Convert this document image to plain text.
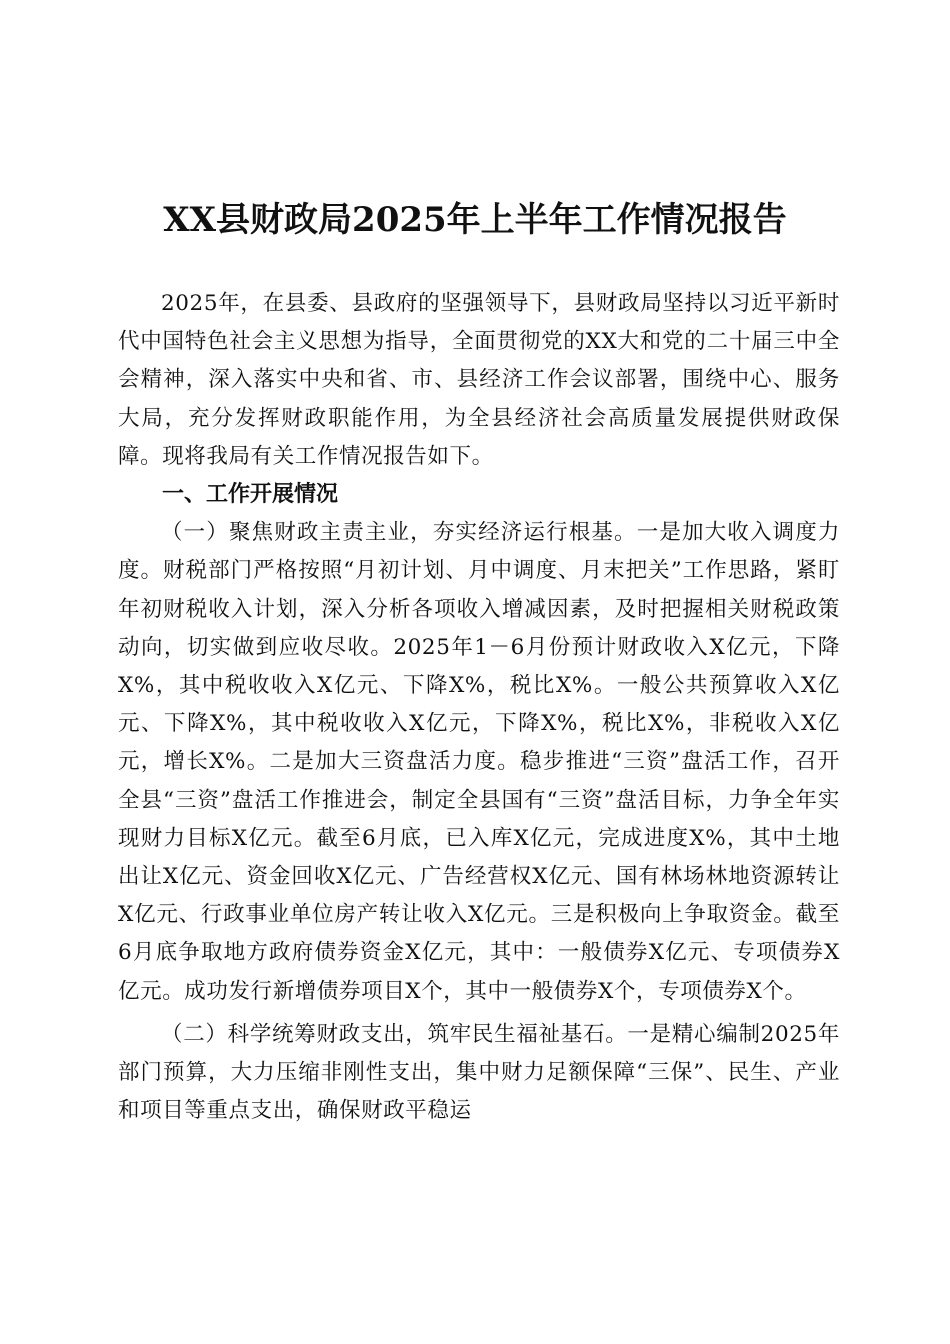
XX县财政局2025年上半年工作情况报告

2025年，在县委、县政府的坚强领导下，县财政局坚持以习近平新时代中国特色社会主义思想为指导，全面贯彻党的XX大和党的二十届三中全会精神，深入落实中央和省、市、县经济工作会议部署，围绕中心、服务大局，充分发挥财政职能作用，为全县经济社会高质量发展提供财政保障。现将我局有关工作情况报告如下。

一、工作开展情况

（一）聚焦财政主责主业，夯实经济运行根基。一是加大收入调度力度。财税部门严格按照“月初计划、月中调度、月末把关”工作思路，紧盯年初财税收入计划，深入分析各项收入增减因素，及时把握相关财税政策动向，切实做到应收尽收。2025年1－6月份预计财政收入X亿元，下降X%，其中税收收入X亿元、下降X%，税比X%。一般公共预算收入X亿元、下降X%，其中税收收入X亿元，下降X%，税比X%，非税收入X亿元，增长X%。二是加大三资盘活力度。稳步推进“三资”盘活工作，召开全县“三资”盘活工作推进会，制定全县国有“三资”盘活目标，力争全年实现财力目标X亿元。截至6月底，已入库X亿元，完成进度X%，其中土地出让X亿元、资金回收X亿元、广告经营权X亿元、国有林场林地资源转让X亿元、行政事业单位房产转让收入X亿元。三是积极向上争取资金。截至6月底争取地方政府债券资金X亿元，其中：一般债券X亿元、专项债券X亿元。成功发行新增债券项目X个，其中一般债券X个，专项债券X个。

（二）科学统筹财政支出，筑牢民生福祉基石。一是精心编制2025年部门预算，大力压缩非刚性支出，集中财力足额保障“三保”、民生、产业和项目等重点支出，确保财政平稳运
